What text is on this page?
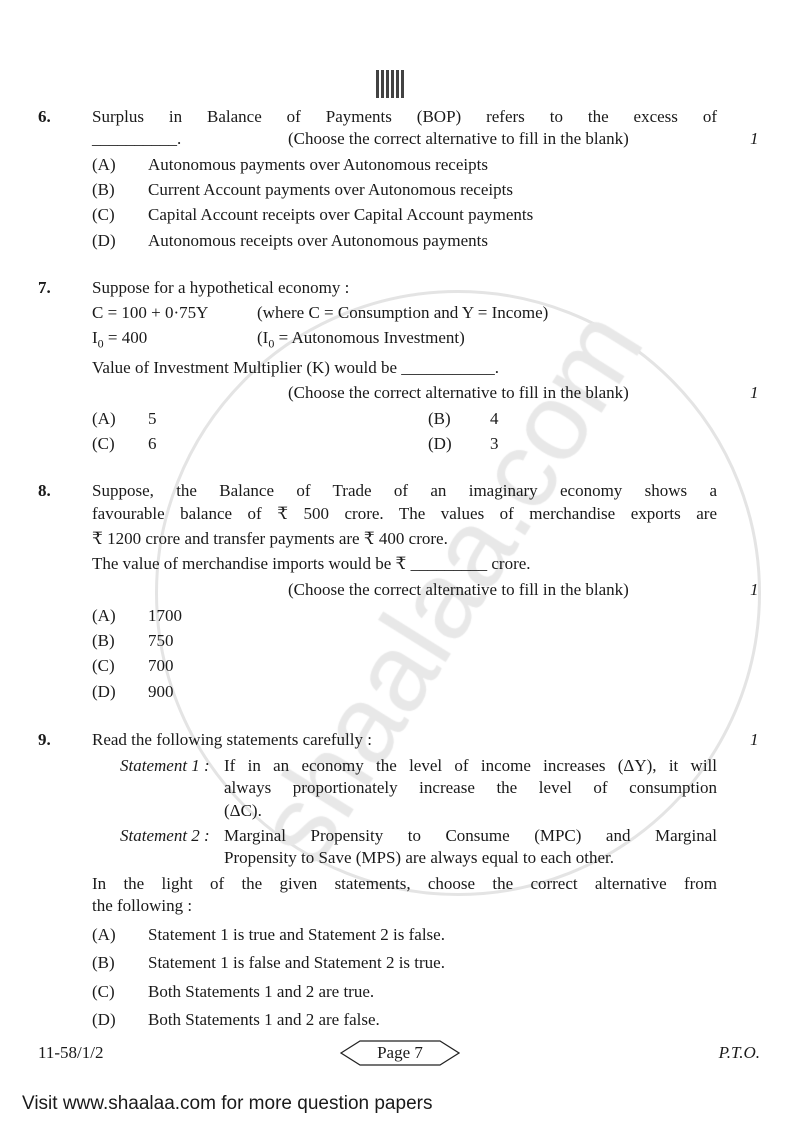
6. Surplus in Balance of Payments (BOP) refers to the excess of
__________.	(Choose the correct alternative to fill in the blank)	1
(A) Autonomous payments over Autonomous receipts
(B) Current Account payments over Autonomous receipts
(C) Capital Account receipts over Capital Account payments
(D) Autonomous receipts over Autonomous payments
7. Suppose for a hypothetical economy :
C = 100 + 0·75Y	(where C = Consumption and Y = Income)
$I_0 = 400$	($I_0$ = Autonomous Investment)
Value of Investment Multiplier (K) would be ___________.
(Choose the correct alternative to fill in the blank)	1
(A) 5	(B) 4
(C) 6	(D) 3
8. Suppose, the Balance of Trade of an imaginary economy shows a
favourable balance of ₹ 500 crore. The values of merchandise exports are
₹ 1200 crore and transfer payments are ₹ 400 crore.
The value of merchandise imports would be ₹ _________ crore.
(Choose the correct alternative to fill in the blank)	1
(A) 1700
(B) 750
(C) 700
(D) 900
9. Read the following statements carefully :	1
Statement 1 : If in an economy the level of income increases (ΔY), it will
always proportionately increase the level of consumption
(ΔC).
Statement 2 : Marginal Propensity to Consume (MPC) and Marginal
Propensity to Save (MPS) are always equal to each other.
In the light of the given statements, choose the correct alternative from
the following :
(A) Statement 1 is true and Statement 2 is false.
(B) Statement 1 is false and Statement 2 is true.
(C) Both Statements 1 and 2 are true.
(D) Both Statements 1 and 2 are false.
11-58/1/2	Page 7	P.T.O.
Visit www.shaalaa.com for more question papers
